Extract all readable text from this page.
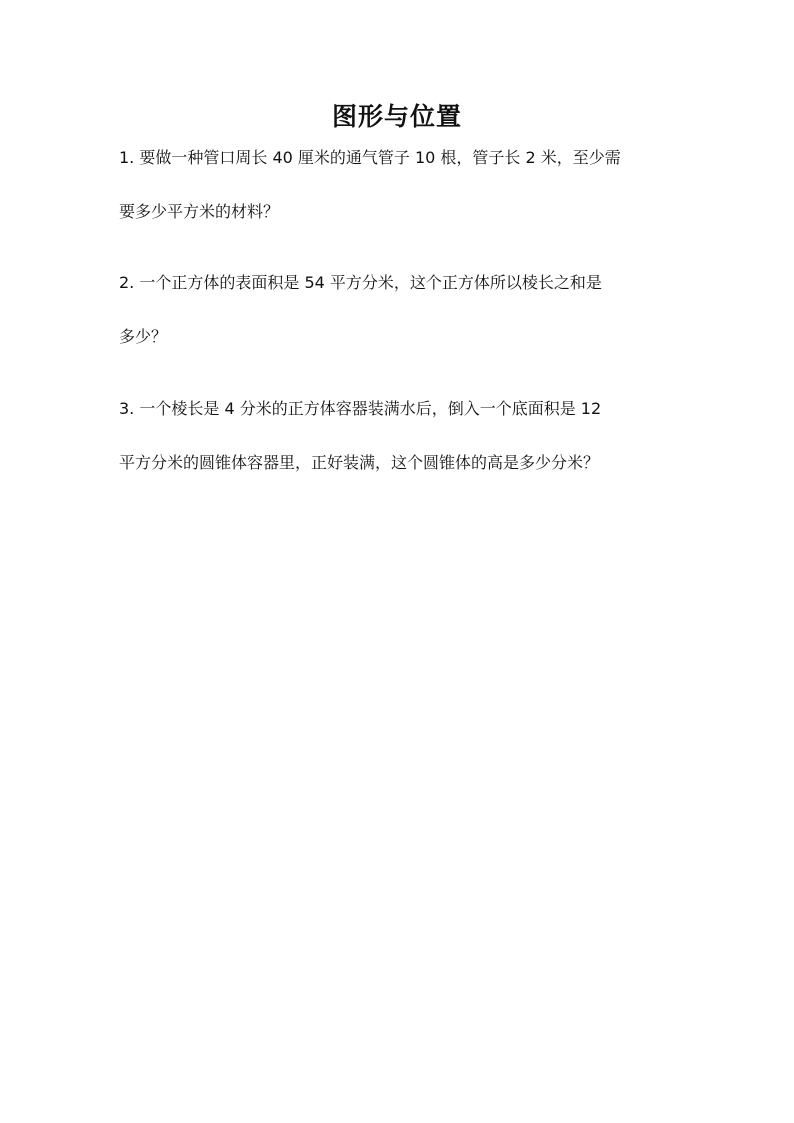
图形与位置
1. 要做一种管口周长 40 厘米的通气管子 10 根，管子长 2 米，至少需
要多少平方米的材料？
2. 一个正方体的表面积是 54 平方分米，这个正方体所以棱长之和是
多少？
3. 一个棱长是 4 分米的正方体容器装满水后，倒入一个底面积是 12
平方分米的圆锥体容器里，正好装满，这个圆锥体的高是多少分米？
